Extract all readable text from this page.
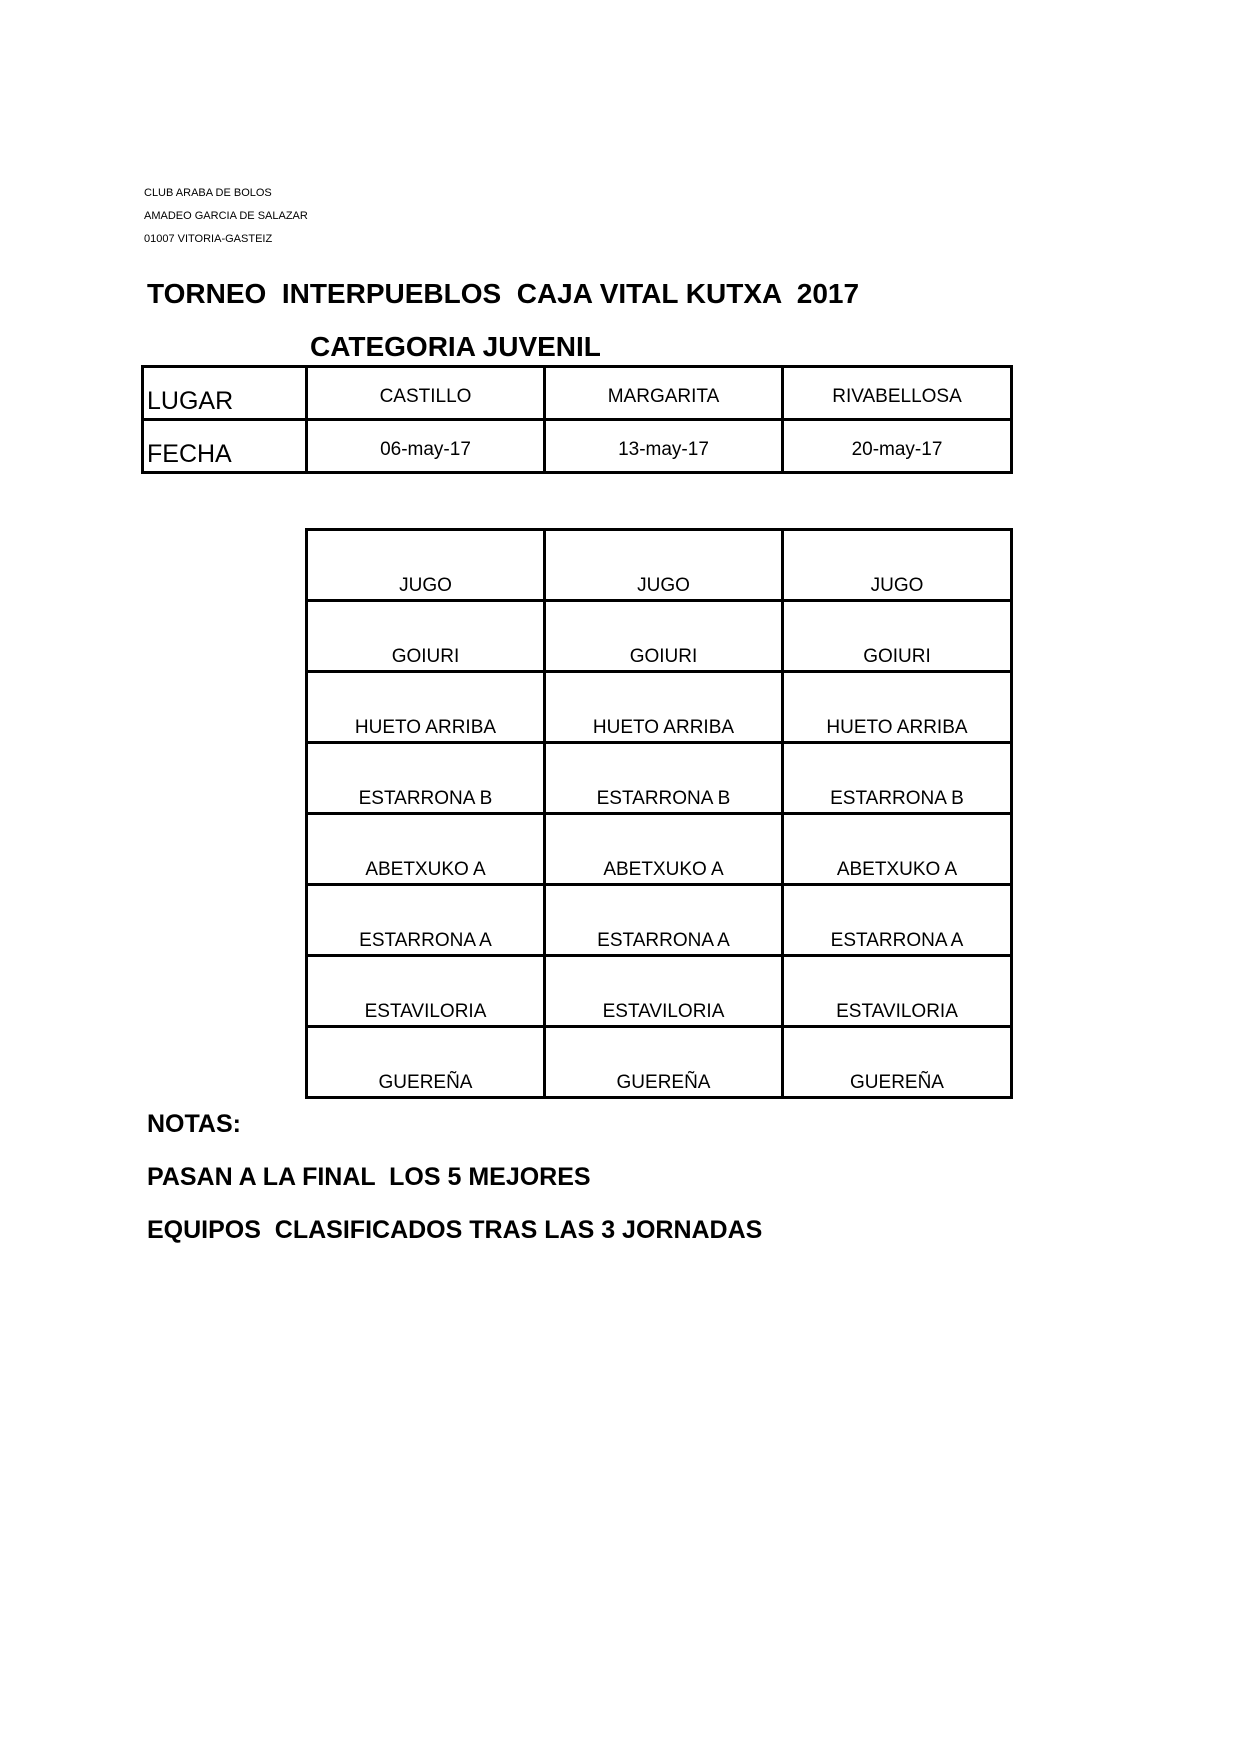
CLUB ARABA DE BOLOS
AMADEO GARCIA DE SALAZAR
01007 VITORIA-GASTEIZ
TORNEO  INTERPUEBLOS  CAJA VITAL KUTXA  2017
CATEGORIA JUVENIL
LUGAR	CASTILLO	MARGARITA	RIVABELLOSA
FECHA	06-may-17	13-may-17	20-may-17
JUGO	JUGO	JUGO
GOIURI	GOIURI	GOIURI
HUETO ARRIBA	HUETO ARRIBA	HUETO ARRIBA
ESTARRONA B	ESTARRONA B	ESTARRONA B
ABETXUKO A	ABETXUKO A	ABETXUKO A
ESTARRONA A	ESTARRONA A	ESTARRONA A
ESTAVILORIA	ESTAVILORIA	ESTAVILORIA
GUEREÑA	GUEREÑA	GUEREÑA
NOTAS:
PASAN A LA FINAL  LOS 5 MEJORES
EQUIPOS  CLASIFICADOS TRAS LAS 3 JORNADAS
